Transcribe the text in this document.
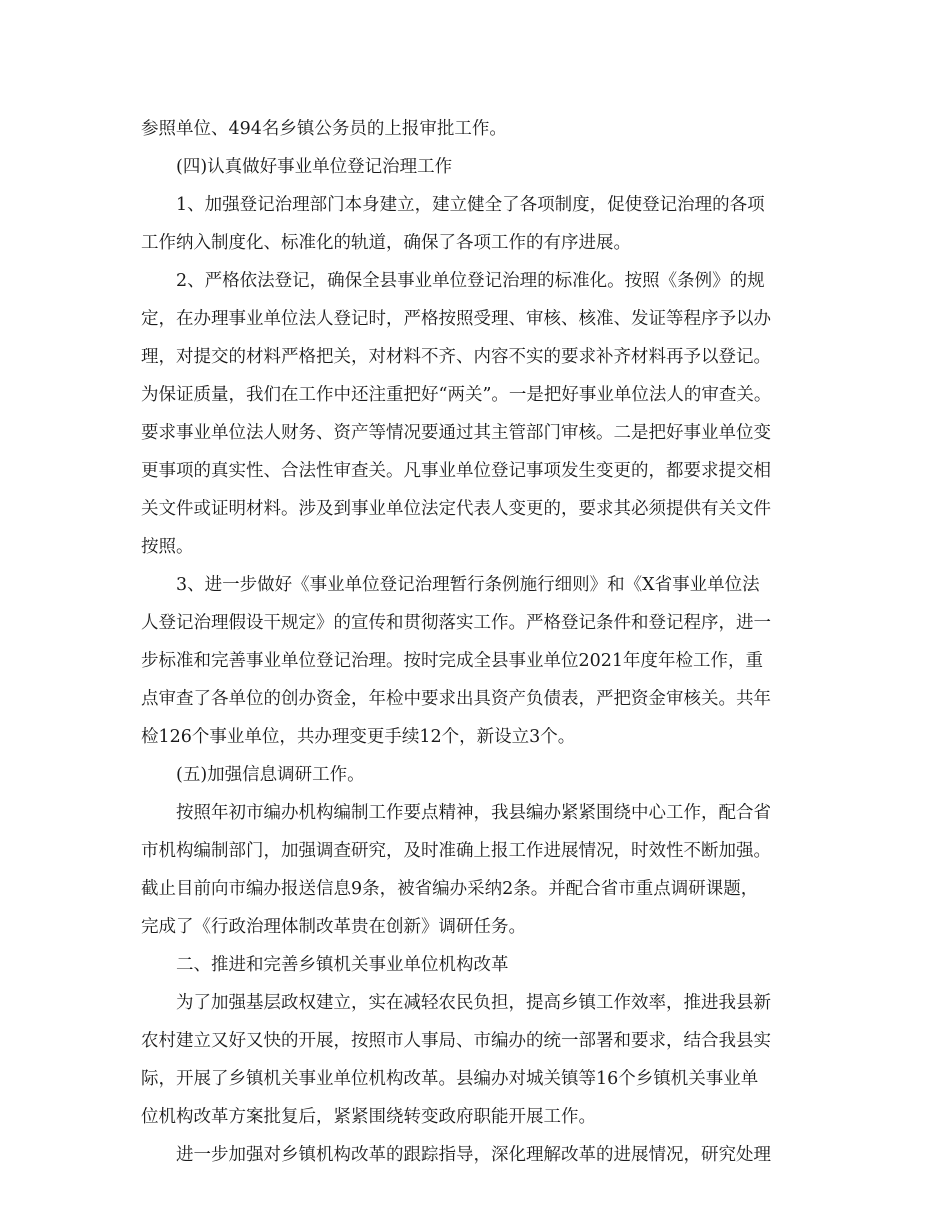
参照单位、494名乡镇公务员的上报审批工作。
(四)认真做好事业单位登记治理工作
1、加强登记治理部门本身建立，建立健全了各项制度，促使登记治理的各项
工作纳入制度化、标准化的轨道，确保了各项工作的有序进展。
2、严格依法登记，确保全县事业单位登记治理的标准化。按照《条例》的规
定，在办理事业单位法人登记时，严格按照受理、审核、核准、发证等程序予以办
理，对提交的材料严格把关，对材料不齐、内容不实的要求补齐材料再予以登记。
为保证质量，我们在工作中还注重把好“两关”。一是把好事业单位法人的审查关。
要求事业单位法人财务、资产等情况要通过其主管部门审核。二是把好事业单位变
更事项的真实性、合法性审查关。凡事业单位登记事项发生变更的，都要求提交相
关文件或证明材料。涉及到事业单位法定代表人变更的，要求其必须提供有关文件
按照。
3、进一步做好《事业单位登记治理暂行条例施行细则》和《X省事业单位法
人登记治理假设干规定》的宣传和贯彻落实工作。严格登记条件和登记程序，进一
步标准和完善事业单位登记治理。按时完成全县事业单位2021年度年检工作，重
点审查了各单位的创办资金，年检中要求出具资产负债表，严把资金审核关。共年
检126个事业单位，共办理变更手续12个，新设立3个。
(五)加强信息调研工作。
按照年初市编办机构编制工作要点精神，我县编办紧紧围绕中心工作，配合省
市机构编制部门，加强调查研究，及时准确上报工作进展情况，时效性不断加强。
截止目前向市编办报送信息9条，被省编办采纳2条。并配合省市重点调研课题，
完成了《行政治理体制改革贵在创新》调研任务。
二、推进和完善乡镇机关事业单位机构改革
为了加强基层政权建立，实在减轻农民负担，提高乡镇工作效率，推进我县新
农村建立又好又快的开展，按照市人事局、市编办的统一部署和要求，结合我县实
际，开展了乡镇机关事业单位机构改革。县编办对城关镇等16个乡镇机关事业单
位机构改革方案批复后，紧紧围绕转变政府职能开展工作。
进一步加强对乡镇机构改革的跟踪指导，深化理解改革的进展情况，研究处理
